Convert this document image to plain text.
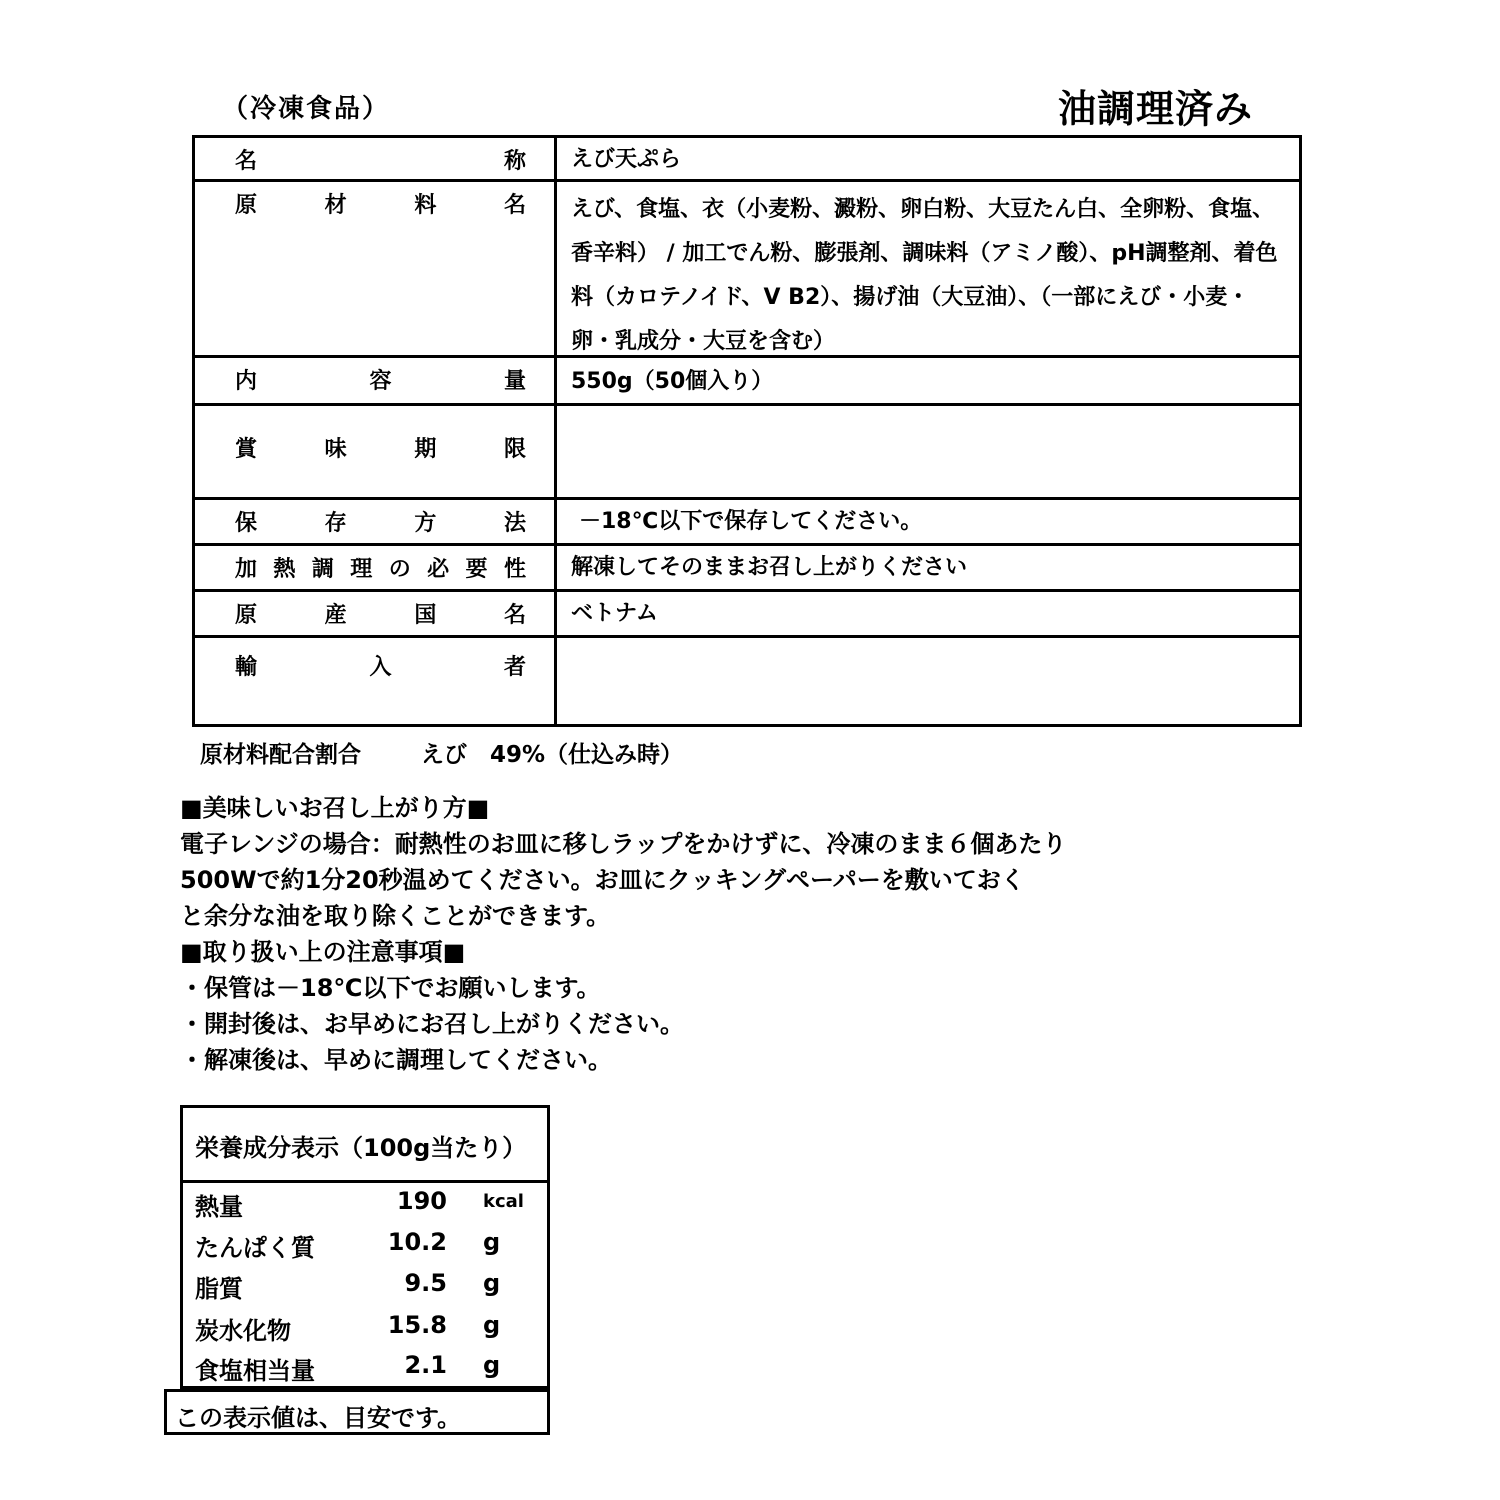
（冷凍食品）	油調理済み
名	称 えび天ぷら
原	材	料	名 えび、食塩、衣（小麦粉、澱粉、卵白粉、大豆たん白、全卵粉、食塩、香辛料） / 加工でん粉、膨張剤、調味料（アミノ酸）、pH調整剤、着色料（カロテノイド、V B2）、揚げ油（大豆油）、（一部にえび・小麦・卵・乳成分・大豆を含む）
内	容	量 550g（50個入り）
賞	味	期	限
保	存	方	法 －18℃以下で保存してください。
加 熱 調 理 の 必 要 性 解凍してそのままお召し上がりください
原	産	国	名 ベトナム
輸	入	者
原材料配合割合	えび　49%（仕込み時）

■美味しいお召し上がり方■

電子レンジの場合：耐熱性のお皿に移しラップをかけずに、冷凍のまま６個あたり

500Wで約1分20秒温めてください。お皿にクッキングペーパーを敷いておく

と余分な油を取り除くことができます。

■取り扱い上の注意事項■

・保管は－18℃以下でお願いします。

・開封後は、お早めにお召し上がりください。

・解凍後は、早めに調理してください。

栄養成分表示（100g当たり）
熱量	190 kcal
たんぱく質	10.2 g
脂質	9.5 g
炭水化物	15.8 g
食塩相当量	2.1 g
この表示値は、目安です。
